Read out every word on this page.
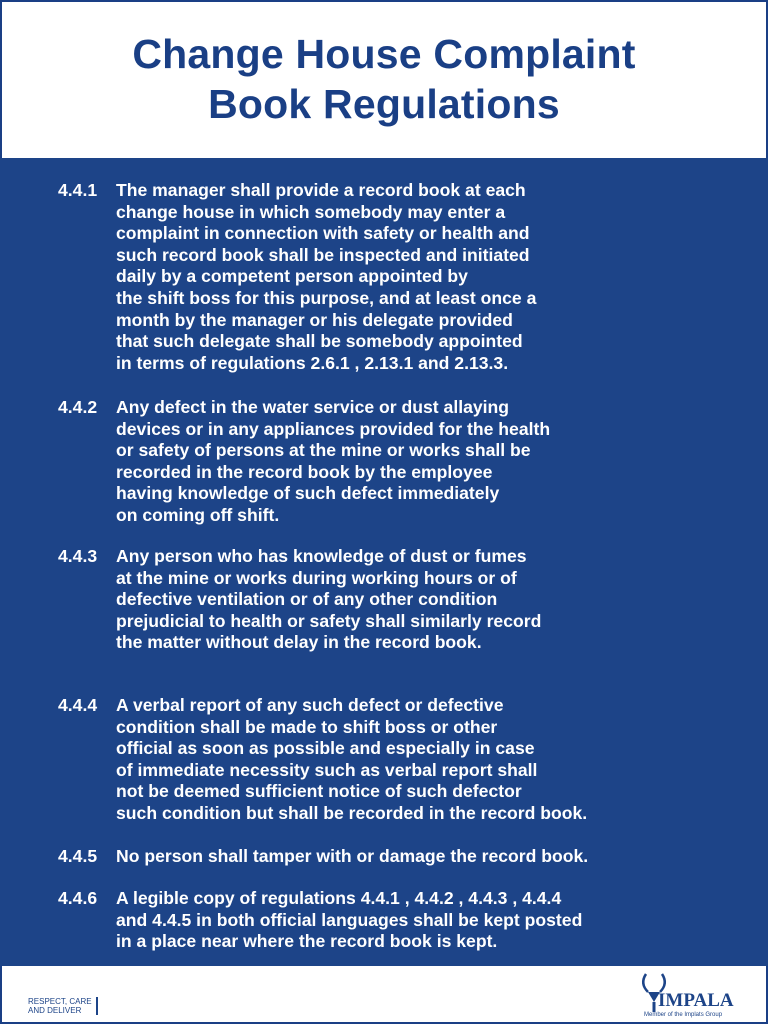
Change House Complaint
Book Regulations
4.4.1	The manager shall provide a record book at each
change house in which somebody may enter a
complaint in connection with safety or health and
such record book shall be inspected and initiated
daily by a competent person appointed by
the shift boss for this purpose, and at least once a
month by the manager or his delegate provided
that such delegate shall be somebody appointed
in terms of regulations 2.6.1 , 2.13.1 and 2.13.3.
4.4.2	Any defect in the water service or dust allaying
devices or in any appliances provided for the health
or safety of persons at the mine or works shall be
recorded in the record book by the employee
having knowledge of such defect immediately
on coming off shift.
4.4.3	Any person who has knowledge of dust or fumes
at the mine or works during working hours or of
defective ventilation or of any other condition
prejudicial to health or safety shall similarly record
the matter without delay in the record book.
4.4.4	A verbal report of any such defect or defective
condition shall be made to shift boss or other
official as soon as possible and especially in case
of immediate necessity such as verbal report shall
not be deemed sufficient notice of such defector
such condition but shall be recorded in the record book.
4.4.5	No person shall tamper with or damage the record book.
4.4.6	A legible copy of regulations 4.4.1 , 4.4.2 , 4.4.3 , 4.4.4
and 4.4.5 in both official languages shall be kept posted
in a place near where the record book is kept.
RESPECT, CARE
AND DELIVER	IMPALA
Member of the Implats Group
